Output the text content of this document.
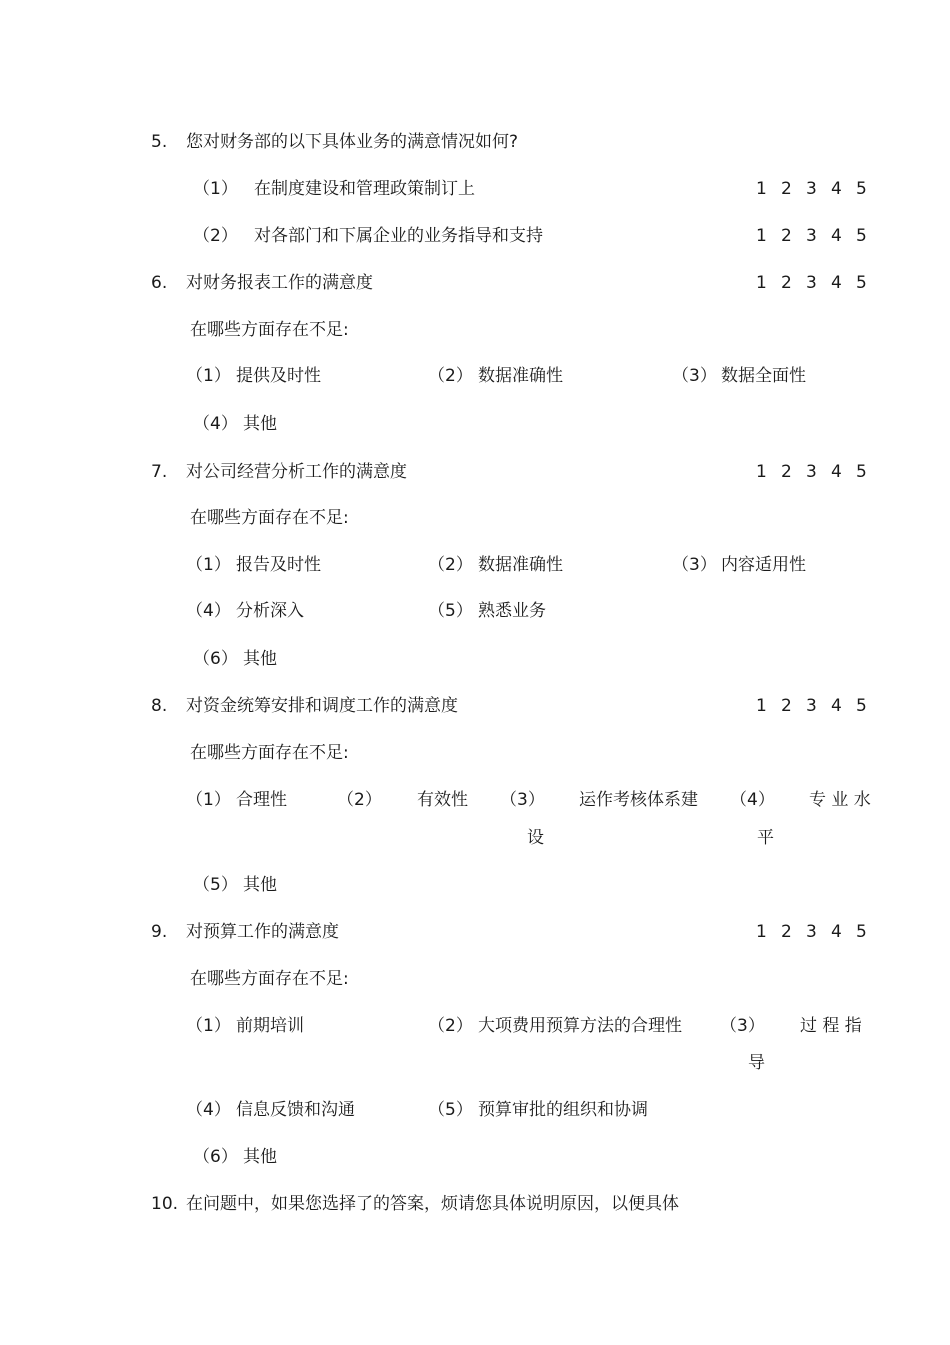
5. 您对财务部的以下具体业务的满意情况如何?
（1） 在制度建设和管理政策制订上	1 2 3 4 5
（2） 对各部门和下属企业的业务指导和支持	1 2 3 4 5
6. 对财务报表工作的满意度	1 2 3 4 5
在哪些方面存在不足:
（1） 提供及时性	（2） 数据准确性	（3） 数据全面性
（4） 其他
7. 对公司经营分析工作的满意度	1 2 3 4 5
在哪些方面存在不足:
（1） 报告及时性	（2） 数据准确性	（3） 内容适用性
（4） 分析深入	（5） 熟悉业务
（6） 其他
8. 对资金统筹安排和调度工作的满意度	1 2 3 4 5
在哪些方面存在不足:
（1） 合理性	（2） 有效性 （3） 运作考核体系建
设
（4） 专 业 水
平
（5） 其他
9. 对预算工作的满意度	1 2 3 4 5
在哪些方面存在不足:
（1） 前期培训	（2） 大项费用预算方法的合理性 （3） 过 程 指
导
（4） 信息反馈和沟通	（5） 预算审批的组织和协调
（6） 其他
10. 在问题中，如果您选择了的答案，烦请您具体说明原因，以便具体
